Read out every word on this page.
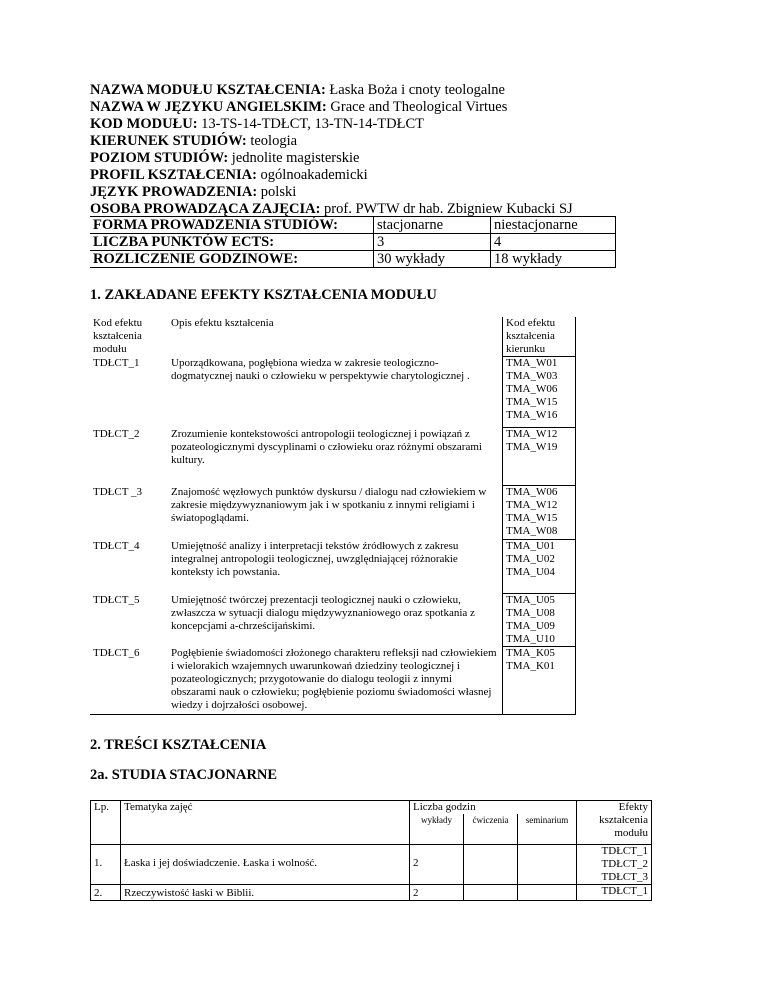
NAZWA MODUŁU KSZTAŁCENIA: Łaska Boża i cnoty teologalne
NAZWA W JĘZYKU ANGIELSKIM: Grace and Theological Virtues
KOD MODUŁU: 13-TS-14-TDŁCT, 13-TN-14-TDŁCT
KIERUNEK STUDIÓW: teologia
POZIOM STUDIÓW: jednolite magisterskie
PROFIL KSZTAŁCENIA: ogólnoakademicki
JĘZYK PROWADZENIA: polski
OSOBA PROWADZĄCA ZAJĘCIA: prof. PWTW dr hab. Zbigniew Kubacki SJ
FORMA PROWADZENIA STUDIÓW:	stacjonarne	niestacjonarne
LICZBA PUNKTÓW ECTS:	3	4
ROZLICZENIE GODZINOWE:	30 wykłady	18 wykłady
1. ZAKŁADANE EFEKTY KSZTAŁCENIA MODUŁU
Kod efektu kształcenia modułu	Opis efektu kształcenia	Kod efektu kształcenia kierunku
TDŁCT_1	Uporządkowana, pogłębiona wiedza w zakresie teologiczno-dogmatycznej nauki o człowieku w perspektywie charytologicznej .	TMA_W01
TMA_W03
TMA_W06
TMA_W15
TMA_W16

TDŁCT_2	Zrozumienie kontekstowości antropologii teologicznej i powiązań z pozateologicznymi dyscyplinami o człowieku oraz różnymi obszarami kultury.	TMA_W12
TMA_W19

TDŁCT _3	Znajomość węzłowych punktów dyskursu / dialogu nad człowiekiem w zakresie międzywyznaniowym jak i w spotkaniu z innymi religiami i światopoglądami.	TMA_W06
TMA_W12
TMA_W15
TMA_W08

TDŁCT_4	Umiejętność analizy i interpretacji tekstów źródłowych z zakresu integralnej antropologii teologicznej, uwzględniającej różnorakie konteksty ich powstania.	TMA_U01
TMA_U02
TMA_U04

TDŁCT_5	Umiejętność twórczej prezentacji teologicznej nauki o człowieku, zwłaszcza w sytuacji dialogu międzywyznaniowego oraz spotkania z koncepcjami a-chrześcijańskimi.	TMA_U05
TMA_U08
TMA_U09
TMA_U10

TDŁCT_6	Pogłębienie świadomości złożonego charakteru refleksji nad człowiekiem i wielorakich wzajemnych uwarunkowań dziedziny teologicznej i pozateologicznych; przygotowanie do dialogu teologii z innymi obszarami nauk o człowieku; pogłębienie poziomu świadomości własnej wiedzy i dojrzałości osobowej.	TMA_K05
TMA_K01
2. TREŚCI KSZTAŁCENIA
2a. STUDIA STACJONARNE
Lp.	Tematyka zajęć	Liczba godzin			Efekty kształcenia modułu
		wykłady	ćwiczenia	seminarium	
1.	Łaska i jej doświadczenie. Łaska i wolność.	2			TDŁCT_1
TDŁCT_2
TDŁCT_3

2.	Rzeczywistość łaski w Biblii.	2			TDŁCT_1
